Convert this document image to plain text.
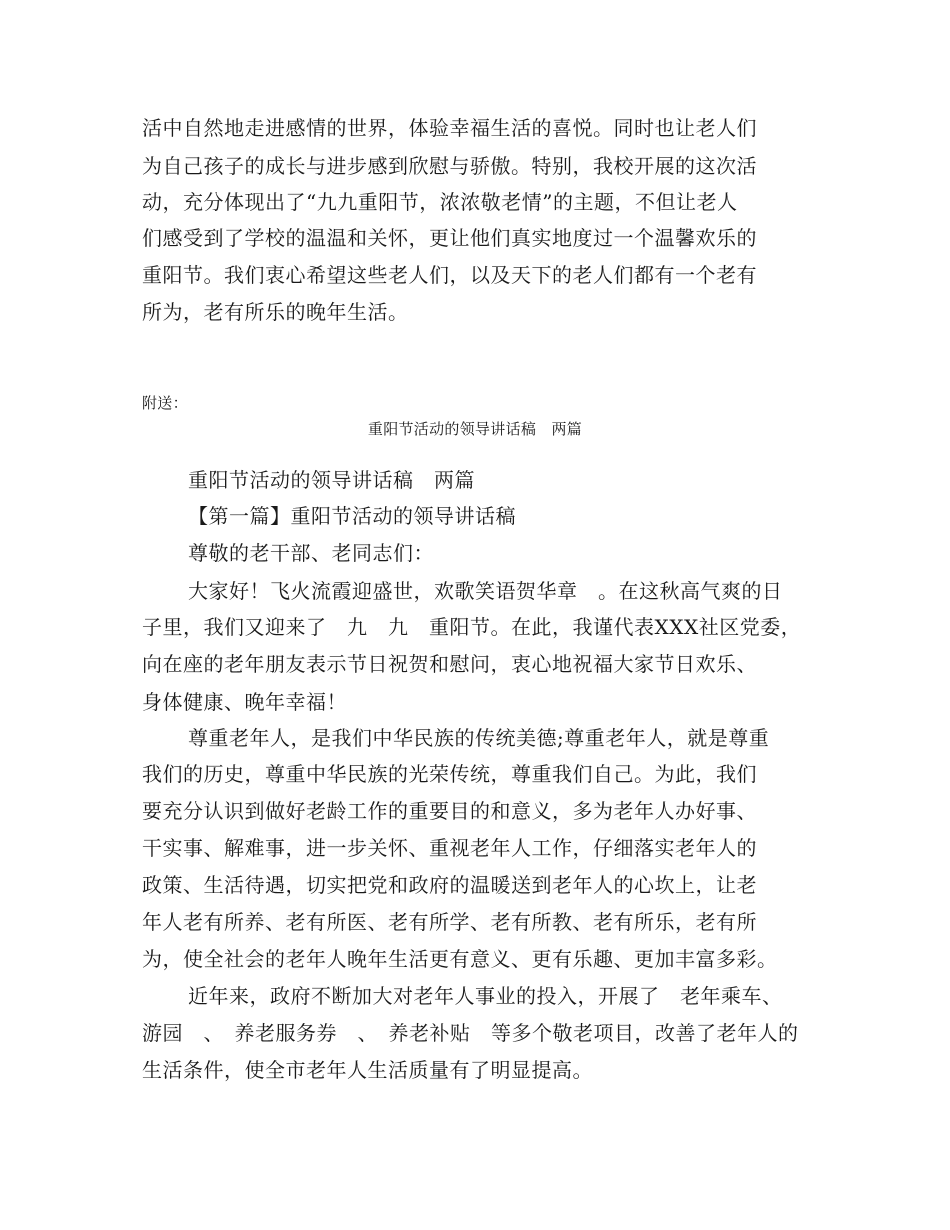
活中自然地走进感情的世界，体验幸福生活的喜悦。同时也让老人们
为自己孩子的成长与进步感到欣慰与骄傲。特别，我校开展的这次活
动，充分体现出了“九九重阳节，浓浓敬老情”的主题，不但让老人
们感受到了学校的温温和关怀，更让他们真实地度过一个温馨欢乐的
重阳节。我们衷心希望这些老人们，以及天下的老人们都有一个老有
所为，老有所乐的晚年生活。
附送：
重阳节活动的领导讲话稿　两篇
重阳节活动的领导讲话稿　两篇
【第一篇】重阳节活动的领导讲话稿
尊敬的老干部、老同志们：
大家好！飞火流霞迎盛世，欢歌笑语贺华章　。在这秋高气爽的日
子里，我们又迎来了　九　九　重阳节。在此，我谨代表XXX社区党委，
向在座的老年朋友表示节日祝贺和慰问，衷心地祝福大家节日欢乐、
身体健康、晚年幸福！
尊重老年人，是我们中华民族的传统美德;尊重老年人，就是尊重
我们的历史，尊重中华民族的光荣传统，尊重我们自己。为此，我们
要充分认识到做好老龄工作的重要目的和意义，多为老年人办好事、
干实事、解难事，进一步关怀、重视老年人工作，仔细落实老年人的
政策、生活待遇，切实把党和政府的温暖送到老年人的心坎上，让老
年人老有所养、老有所医、老有所学、老有所教、老有所乐，老有所
为，使全社会的老年人晚年生活更有意义、更有乐趣、更加丰富多彩。
近年来，政府不断加大对老年人事业的投入，开展了　老年乘车、
游园　、　养老服务券　、　养老补贴　等多个敬老项目，改善了老年人的
生活条件，使全市老年人生活质量有了明显提高。
